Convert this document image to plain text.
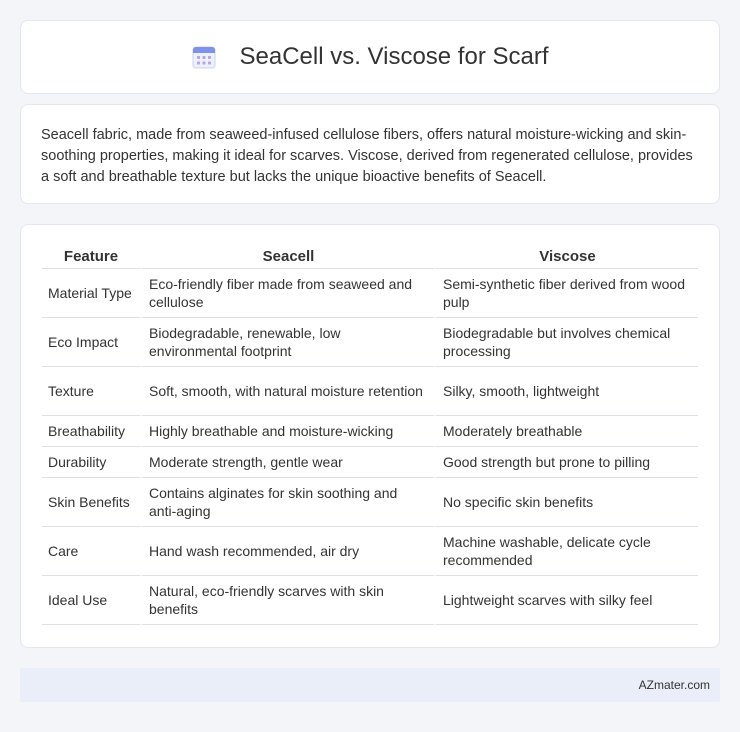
SeaCell vs. Viscose for Scarf

Seacell fabric, made from seaweed-infused cellulose fibers, offers natural moisture-wicking and skin-soothing properties, making it ideal for scarves. Viscose, derived from regenerated cellulose, provides a soft and breathable texture but lacks the unique bioactive benefits of Seacell.

Feature	Seacell	Viscose
Material Type	Eco-friendly fiber made from seaweed and cellulose	Semi-synthetic fiber derived from wood pulp
Eco Impact	Biodegradable, renewable, low environmental footprint	Biodegradable but involves chemical processing
Texture	Soft, smooth, with natural moisture retention	Silky, smooth, lightweight
Breathability	Highly breathable and moisture-wicking	Moderately breathable
Durability	Moderate strength, gentle wear	Good strength but prone to pilling
Skin Benefits	Contains alginates for skin soothing and anti-aging	No specific skin benefits
Care	Hand wash recommended, air dry	Machine washable, delicate cycle recommended
Ideal Use	Natural, eco-friendly scarves with skin benefits	Lightweight scarves with silky feel
AZmater.com
